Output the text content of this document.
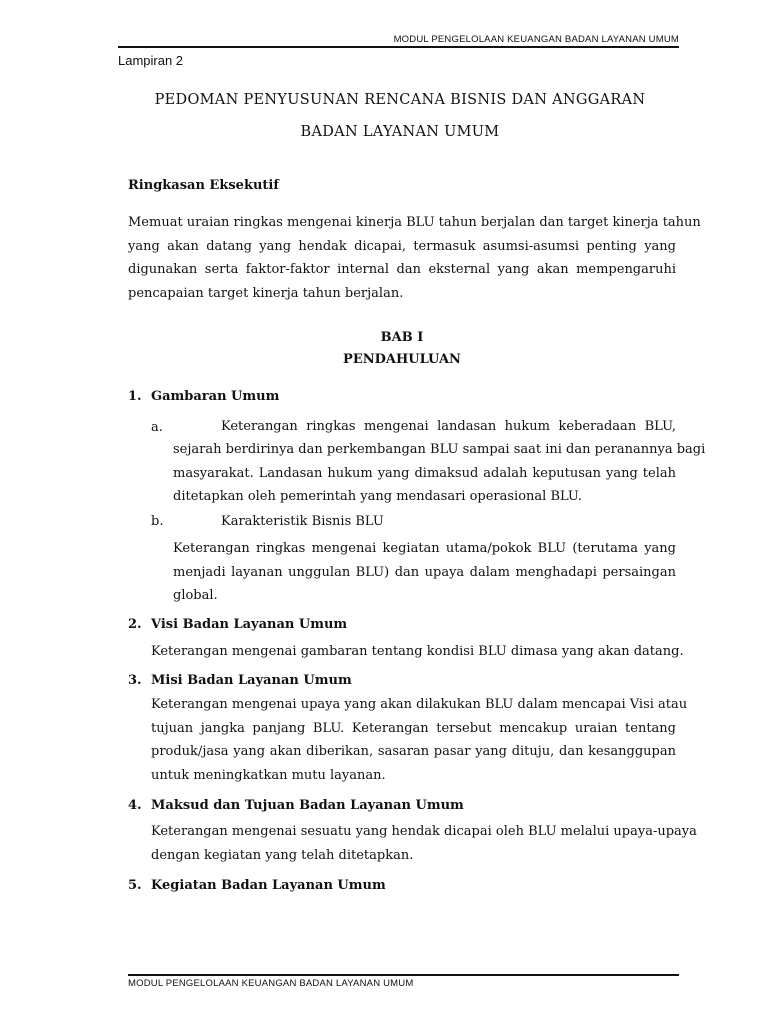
MODUL PENGELOLAAN KEUANGAN BADAN LAYANAN UMUM
Lampiran 2
PEDOMAN PENYUSUNAN RENCANA BISNIS DAN ANGGARAN
BADAN LAYANAN UMUM
Ringkasan Eksekutif
Memuat uraian ringkas mengenai kinerja BLU tahun berjalan dan target kinerja tahun
yang akan datang yang hendak dicapai, termasuk asumsi-asumsi penting yang
digunakan serta faktor-faktor internal dan eksternal yang akan mempengaruhi
pencapaian target kinerja tahun berjalan.
BAB I
PENDAHULUAN
1. Gambaran Umum
a.	Keterangan ringkas mengenai landasan hukum keberadaan BLU,
sejarah berdirinya dan perkembangan BLU sampai saat ini dan peranannya bagi
masyarakat. Landasan hukum yang dimaksud adalah keputusan yang telah
ditetapkan oleh pemerintah yang mendasari operasional BLU.
b.	Karakteristik Bisnis BLU
Keterangan ringkas mengenai kegiatan utama/pokok BLU (terutama yang
menjadi layanan unggulan BLU) dan upaya dalam menghadapi persaingan
global.
2. Visi Badan Layanan Umum
Keterangan mengenai gambaran tentang kondisi BLU dimasa yang akan datang.
3. Misi Badan Layanan Umum
Keterangan mengenai upaya yang akan dilakukan BLU dalam mencapai Visi atau
tujuan jangka panjang BLU. Keterangan tersebut mencakup uraian tentang
produk/jasa yang akan diberikan, sasaran pasar yang dituju, dan kesanggupan
untuk meningkatkan mutu layanan.
4. Maksud dan Tujuan Badan Layanan Umum
Keterangan mengenai sesuatu yang hendak dicapai oleh BLU melalui upaya-upaya
dengan kegiatan yang telah ditetapkan.
5. Kegiatan Badan Layanan Umum
MODUL PENGELOLAAN KEUANGAN BADAN LAYANAN UMUM
